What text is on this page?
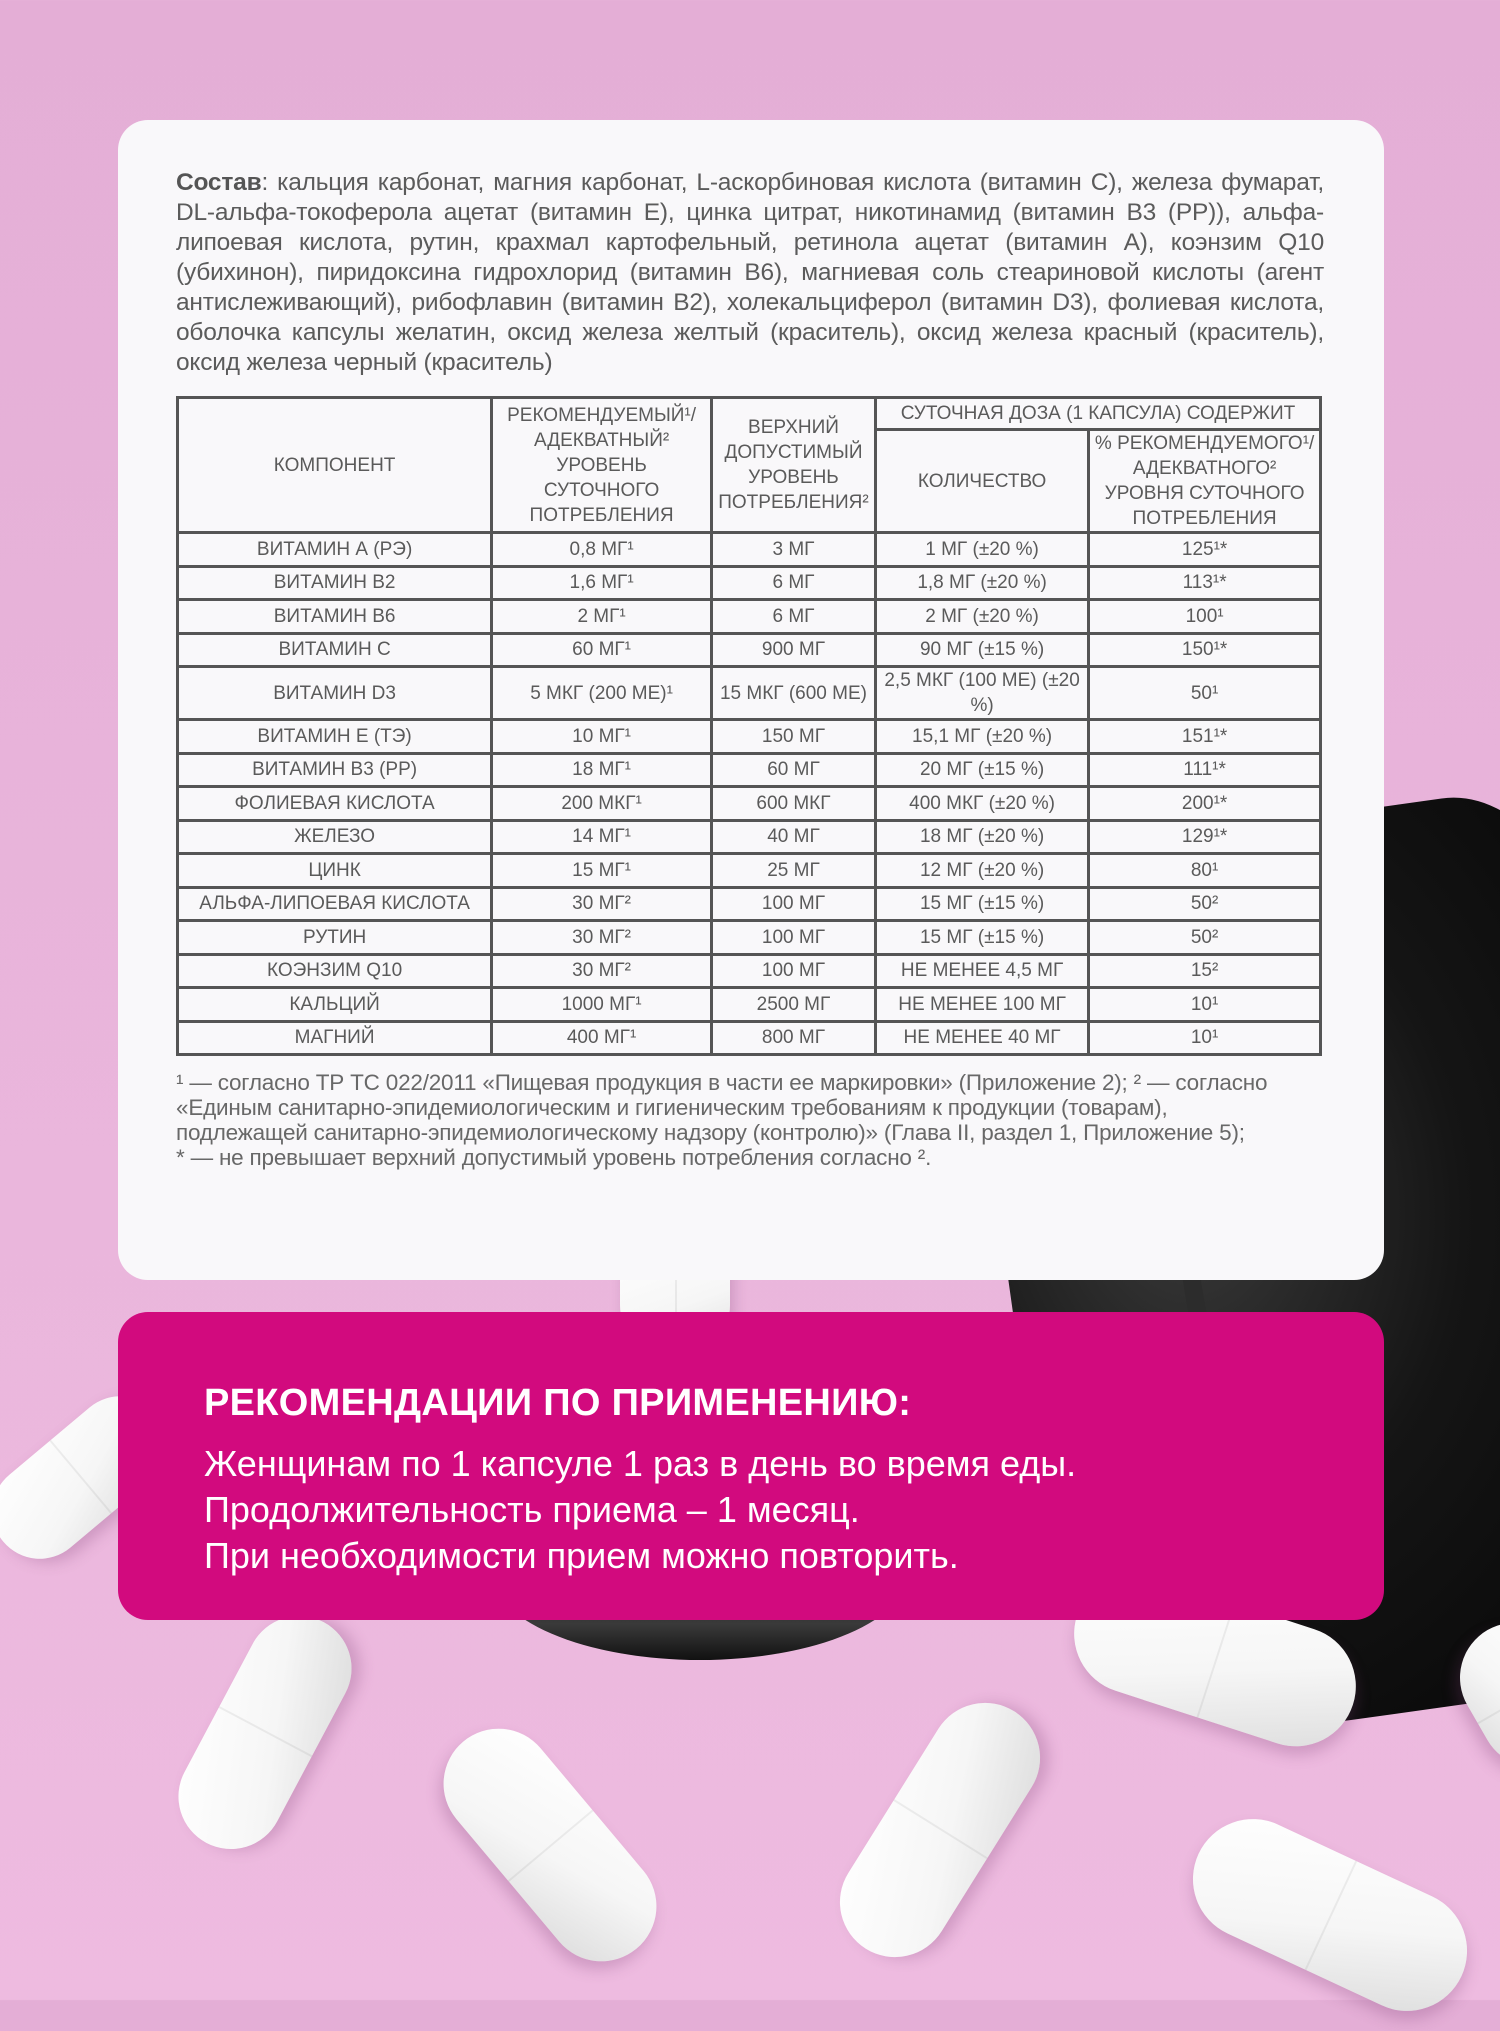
Состав: кальция карбонат, магния карбонат, L-аскорбиновая кислота (витамин С), железа фумарат, DL-альфа-токоферола ацетат (витамин Е), цинка цитрат, никотинамид (витамин В3 (РР)), альфа-липоевая кислота, рутин, крахмал картофельный, ретинола ацетат (витамин А), коэнзим Q10 (убихинон), пиридоксина гидрохлорид (витамин В6), магниевая соль стеариновой кислоты (агент антислеживающий), рибофлавин (витамин В2), холекальциферол (витамин D3), фолиевая кислота, оболочка капсулы желатин, оксид железа желтый (краситель), оксид железа красный (краситель), оксид железа черный (краситель)

КОМПОНЕНТ	РЕКОМЕНДУЕМЫЙ¹/ АДЕКВАТНЫЙ² УРОВЕНЬ СУТОЧНОГО ПОТРЕБЛЕНИЯ	ВЕРХНИЙ ДОПУСТИМЫЙ УРОВЕНЬ ПОТРЕБЛЕНИЯ²	СУТОЧНАЯ ДОЗА (1 КАПСУЛА) СОДЕРЖИТ	
			КОЛИЧЕСТВО	% РЕКОМЕНДУЕМОГО¹/ АДЕКВАТНОГО² УРОВНЯ СУТОЧНОГО ПОТРЕБЛЕНИЯ
ВИТАМИН А (РЭ)	0,8 МГ¹	3 МГ	1 МГ (±20 %)	125¹*
ВИТАМИН В2	1,6 МГ¹	6 МГ	1,8 МГ (±20 %)	113¹*
ВИТАМИН В6	2 МГ¹	6 МГ	2 МГ (±20 %)	100¹
ВИТАМИН С	60 МГ¹	900 МГ	90 МГ (±15 %)	150¹*
ВИТАМИН D3	5 МКГ (200 МЕ)¹	15 МКГ (600 МЕ)	2,5 МКГ (100 МЕ) (±20 %)	50¹
ВИТАМИН Е (ТЭ)	10 МГ¹	150 МГ	15,1 МГ (±20 %)	151¹*
ВИТАМИН В3 (РР)	18 МГ¹	60 МГ	20 МГ (±15 %)	111¹*
ФОЛИЕВАЯ КИСЛОТА	200 МКГ¹	600 МКГ	400 МКГ (±20 %)	200¹*
ЖЕЛЕЗО	14 МГ¹	40 МГ	18 МГ (±20 %)	129¹*
ЦИНК	15 МГ¹	25 МГ	12 МГ (±20 %)	80¹
АЛЬФА-ЛИПОЕВАЯ КИСЛОТА	30 МГ²	100 МГ	15 МГ (±15 %)	50²
РУТИН	30 МГ²	100 МГ	15 МГ (±15 %)	50²
КОЭНЗИМ Q10	30 МГ²	100 МГ	НЕ МЕНЕЕ 4,5 МГ	15²
КАЛЬЦИЙ	1000 МГ¹	2500 МГ	НЕ МЕНЕЕ 100 МГ	10¹
МАГНИЙ	400 МГ¹	800 МГ	НЕ МЕНЕЕ 40 МГ	10¹

¹ — согласно ТР ТС 022/2011 «Пищевая продукция в части ее маркировки» (Приложение 2); ² — согласно

«Единым санитарно-эпидемиологическим и гигиеническим требованиям к продукции (товарам),

подлежащей санитарно-эпидемиологическому надзору (контролю)» (Глава II, раздел 1, Приложение 5);

* — не превышает верхний допустимый уровень потребления согласно ².

РЕКОМЕНДАЦИИ ПО ПРИМЕНЕНИЮ:

Женщинам по 1 капсуле 1 раз в день во время еды.

Продолжительность приема – 1 месяц.

При необходимости прием можно повторить.
